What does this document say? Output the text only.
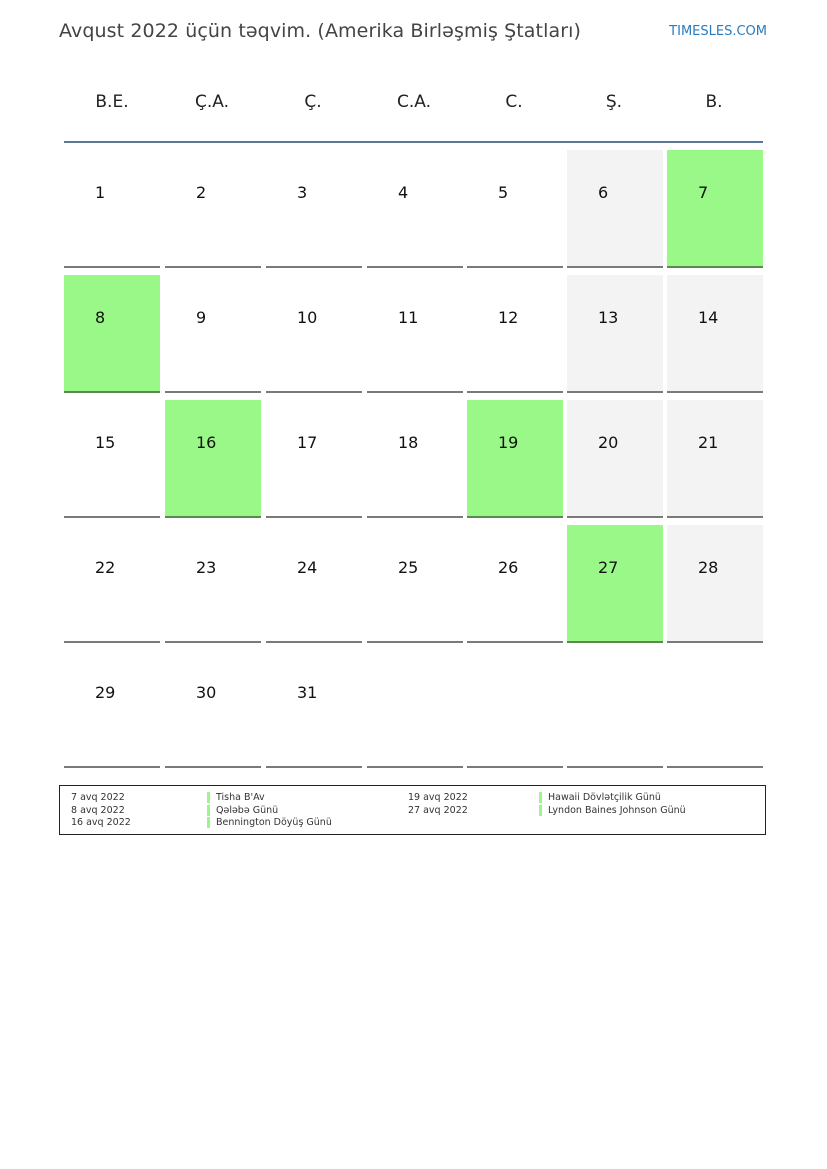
Avqust 2022 üçün təqvim. (Amerika Birləşmiş Ştatları)	TIMESLES.COM
B.E.	Ç.A.	Ç.	C.A.	C.	Ş.	B.
1	2	3	4	5	6	7
8	9	10	11	12	13	14
15	16	17	18	19	20	21
22	23	24	25	26	27	28
29	30	31
7 avq 2022	Tisha B'Av
8 avq 2022	Qələbə Günü
16 avq 2022	Bennington Döyüş Günü
19 avq 2022	Hawaii Dövlətçilik Günü
27 avq 2022	Lyndon Baines Johnson Günü
